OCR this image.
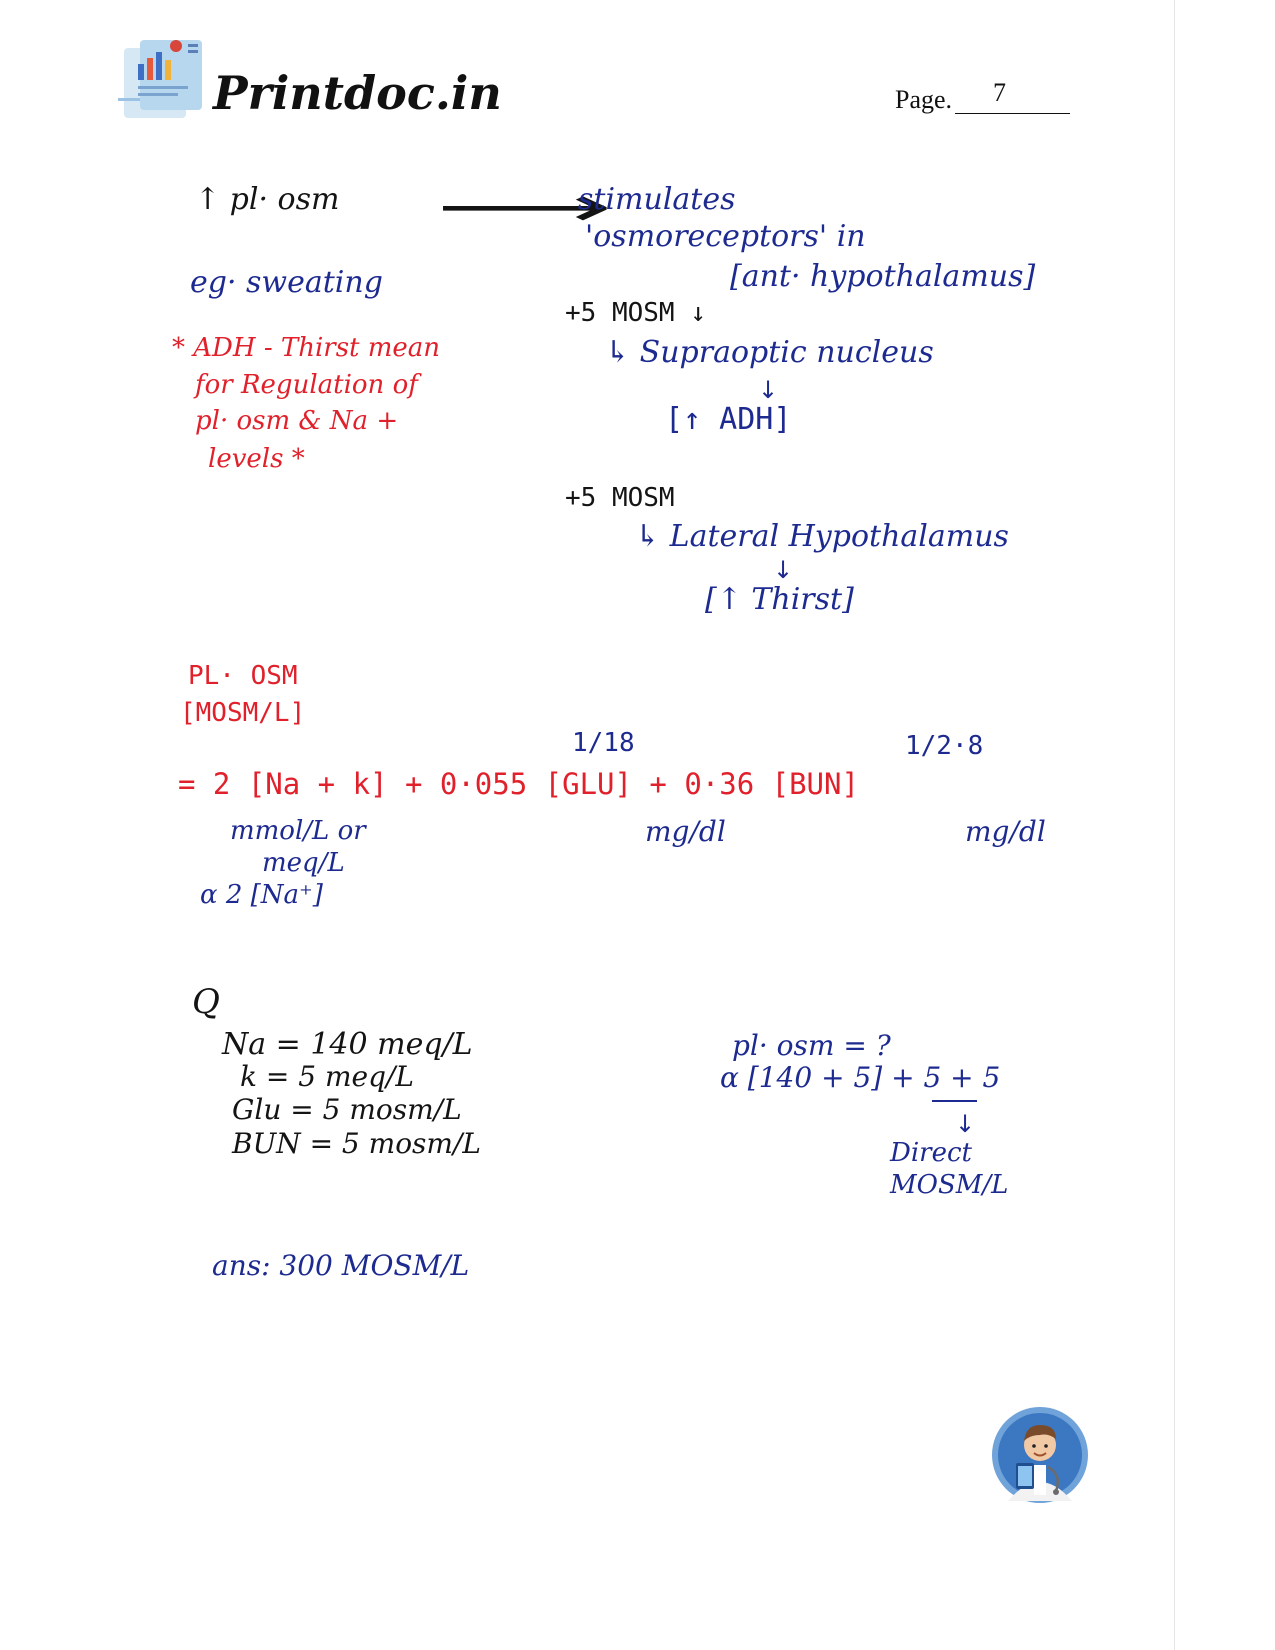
Printdoc.in	Page. 7
↑ pl· osm
eg· sweating
* ADH - Thirst mean
for Regulation of
pl· osm & Na +
levels *
⟶
stimulates
'osmoreceptors' in
[ant· hypothalamus]
+5 MOSM ↓
↳ Supraoptic nucleus
↓
[↑ ADH]
+5 MOSM
↳ Lateral Hypothalamus
↓
[↑ Thirst]
PL· OSM
[MOSM/L]
1/18	1/2·8
= 2 [Na + k] + 0·055 [GLU] + 0·36 [BUN]
mmol/L or
meq/L
α 2 [Na⁺]
mg/dl	mg/dl
Q
Na = 140 meq/L
k = 5 meq/L
Glu = 5 mosm/L
BUN = 5 mosm/L
pl· osm = ?
α [140 + 5] + 5 + 5
↓
Direct
MOSM/L
ans: 300 MOSM/L
